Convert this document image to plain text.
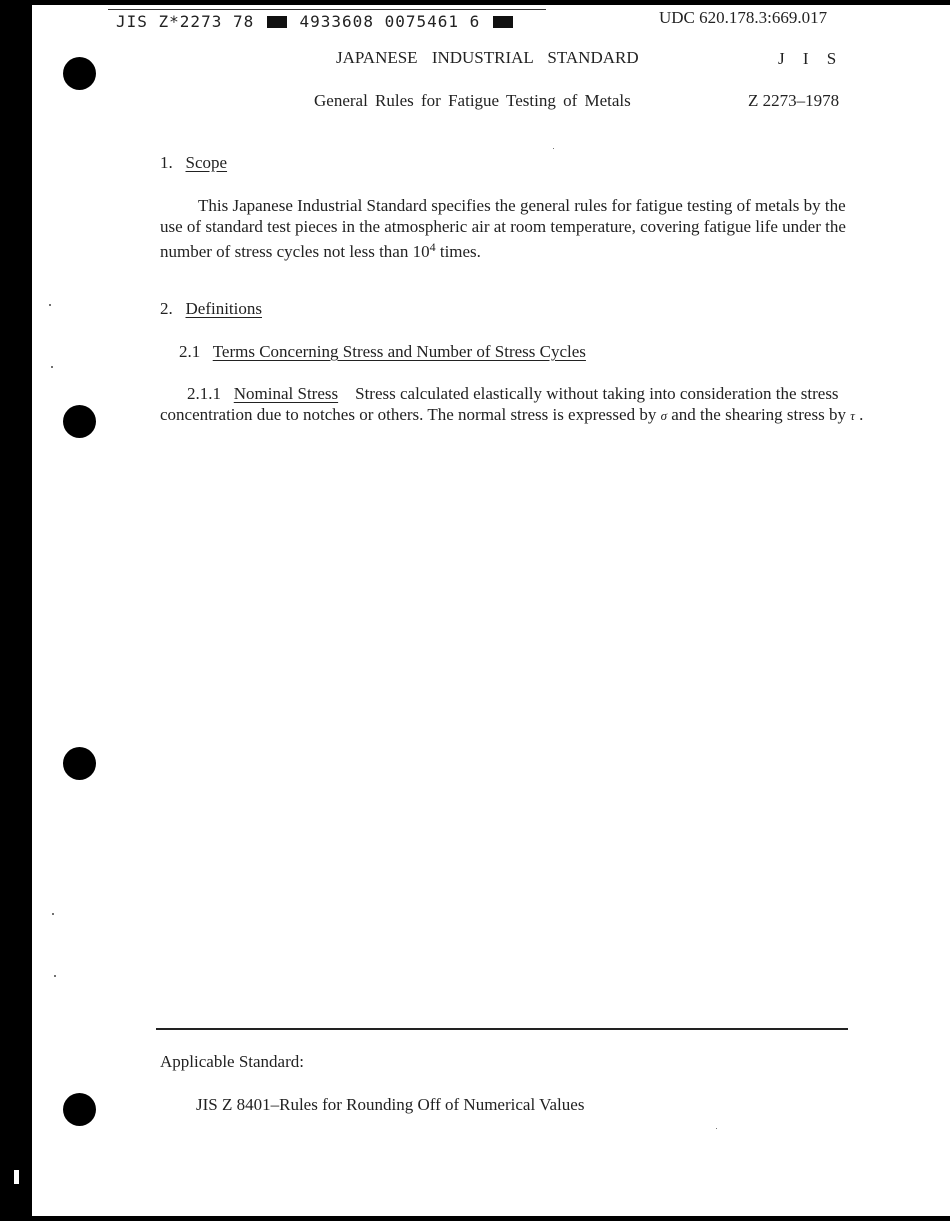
JIS Z*2273 78	4933608 0075461 6	UDC 620.178.3:669.017
JAPANESE INDUSTRIAL STANDARD	J I S
General Rules for Fatigue Testing of Metals	Z 2273–1978
1. Scope
This Japanese Industrial Standard specifies the general rules for fatigue testing of metals by the use of standard test pieces in the atmospheric air at room temperature, covering fatigue life under the number of stress cycles not less than $10^4$ times.
2. Definitions
2.1 Terms Concerning Stress and Number of Stress Cycles
2.1.1 Nominal Stress Stress calculated elastically without taking into consideration the stress concentration due to notches or others. The normal stress is expressed by σ and the shearing stress by τ .
Applicable Standard:
JIS Z 8401–Rules for Rounding Off of Numerical Values
